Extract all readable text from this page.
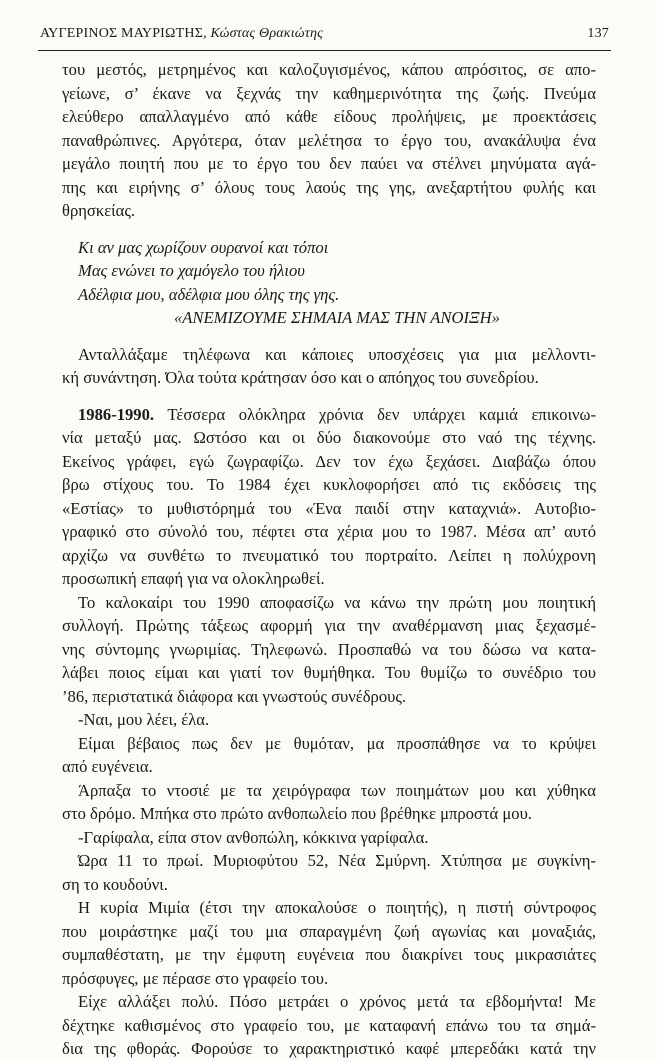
ΑΥΓΕΡΙΝΟΣ ΜΑΥΡΙΩΤΗΣ, Κώστας Θρακιώτης	137
του μεστός, μετρημένος και καλοζυγισμένος, κάπου απρόσιτος, σε απο-
γείωνε, σ’ έκανε να ξεχνάς την καθημερινότητα της ζωής. Πνεύμα
ελεύθερο απαλλαγμένο από κάθε είδους προλήψεις, με προεκτάσεις
παναθρώπινες. Αργότερα, όταν μελέτησα το έργο του, ανακάλυψα ένα
μεγάλο ποιητή που με το έργο του δεν παύει να στέλνει μηνύματα αγά-
πης και ειρήνης σ’ όλους τους λαούς της γης, ανεξαρτήτου φυλής και
θρησκείας.
Κι αν μας χωρίζουν ουρανοί και τόποι
Μας ενώνει το χαμόγελο του ήλιου
Αδέλφια μου, αδέλφια μου όλης της γης.
«ΑΝΕΜΙΖΟΥΜΕ ΣΗΜΑΙΑ ΜΑΣ ΤΗΝ ΑΝΟΙΞΗ»
Ανταλλάξαμε τηλέφωνα και κάποιες υποσχέσεις για μια μελλοντι-
κή συνάντηση. Όλα τούτα κράτησαν όσο και ο απόηχος του συνεδρίου.
1986-1990. Τέσσερα ολόκληρα χρόνια δεν υπάρχει καμιά επικοινω-
νία μεταξύ μας. Ωστόσο και οι δύο διακονούμε στο ναό της τέχνης.
Εκείνος γράφει, εγώ ζωγραφίζω. Δεν τον έχω ξεχάσει. Διαβάζω όπου
βρω στίχους του. Το 1984 έχει κυκλοφορήσει από τις εκδόσεις της
«Εστίας» το μυθιστόρημά του «Ένα παιδί στην καταχνιά». Αυτοβιο-
γραφικό στο σύνολό του, πέφτει στα χέρια μου το 1987. Μέσα απ’ αυτό
αρχίζω να συνθέτω το πνευματικό του πορτραίτο. Λείπει η πολύχρονη
προσωπική επαφή για να ολοκληρωθεί.
Το καλοκαίρι του 1990 αποφασίζω να κάνω την πρώτη μου ποιητική
συλλογή. Πρώτης τάξεως αφορμή για την αναθέρμανση μιας ξεχασμέ-
νης σύντομης γνωριμίας. Τηλεφωνώ. Προσπαθώ να του δώσω να κατα-
λάβει ποιος είμαι και γιατί τον θυμήθηκα. Του θυμίζω το συνέδριο του
’86, περιστατικά διάφορα και γνωστούς συνέδρους.
-Ναι, μου λέει, έλα.
Είμαι βέβαιος πως δεν με θυμόταν, μα προσπάθησε να το κρύψει
από ευγένεια.
Άρπαξα το ντοσιέ με τα χειρόγραφα των ποιημάτων μου και χύθηκα
στο δρόμο. Μπήκα στο πρώτο ανθοπωλείο που βρέθηκε μπροστά μου.
-Γαρίφαλα, είπα στον ανθοπώλη, κόκκινα γαρίφαλα.
Ώρα 11 το πρωί. Μυριοφύτου 52, Νέα Σμύρνη. Χτύπησα με συγκίνη-
ση το κουδούνι.
Η κυρία Μιμία (έτσι την αποκαλούσε ο ποιητής), η πιστή σύντροφος
που μοιράστηκε μαζί του μια σπαραγμένη ζωή αγωνίας και μοναξιάς,
συμπαθέστατη, με την έμφυτη ευγένεια που διακρίνει τους μικρασιάτες
πρόσφυγες, με πέρασε στο γραφείο του.
Είχε αλλάξει πολύ. Πόσο μετράει ο χρόνος μετά τα εβδομήντα! Με
δέχτηκε καθισμένος στο γραφείο του, με καταφανή επάνω του τα σημά-
δια της φθοράς. Φορούσε το χαρακτηριστικό καφέ μπερεδάκι κατά την
